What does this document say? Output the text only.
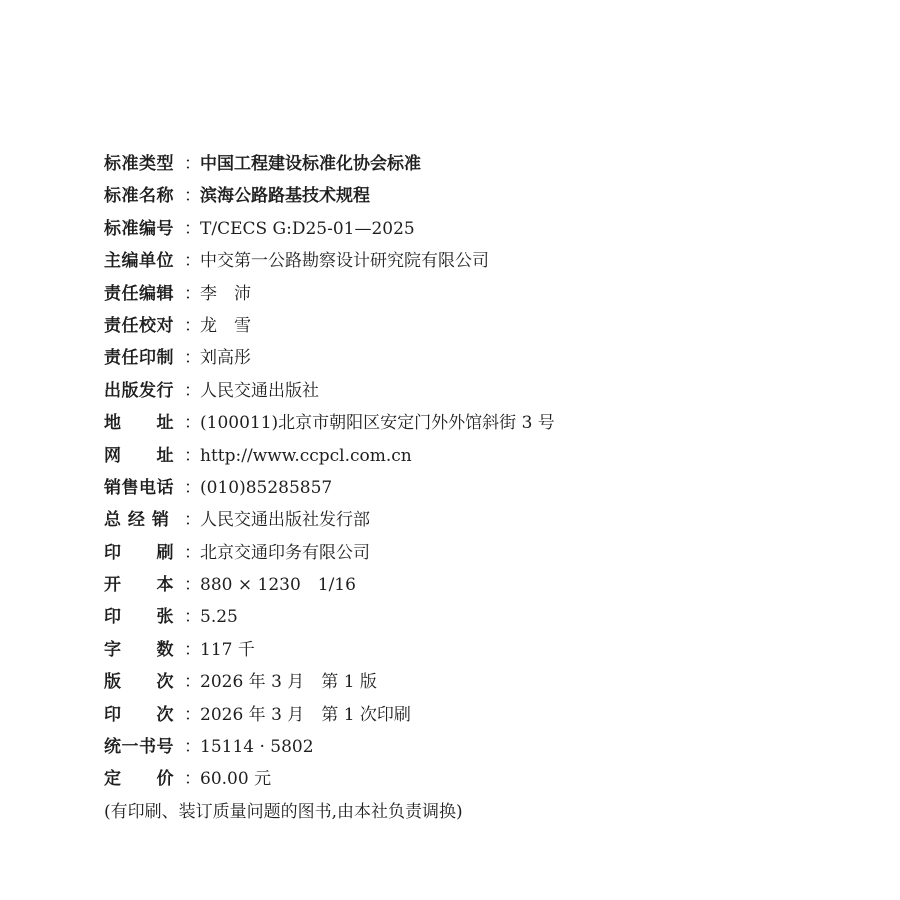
标准类型 ： 中国工程建设标准化协会标准
标准名称 ： 滨海公路路基技术规程
标准编号 ： T/CECS G:D25-01—2025
主编单位 ： 中交第一公路勘察设计研究院有限公司
责任编辑 ： 李　沛
责任校对 ： 龙　雪
责任印制 ： 刘高彤
出版发行 ： 人民交通出版社
地　　址 ： (100011)北京市朝阳区安定门外外馆斜街 3 号
网　　址 ： http://www.ccpcl.com.cn
销售电话 ： (010)85285857
总 经 销 ： 人民交通出版社发行部
印　　刷 ： 北京交通印务有限公司
开　　本 ： 880 × 1230　1/16
印　　张 ： 5.25
字　　数 ： 117 千
版　　次 ： 2026 年 3 月　第 1 版
印　　次 ： 2026 年 3 月　第 1 次印刷
统一书号 ： 15114 · 5802
定　　价 ： 60.00 元
(有印刷、装订质量问题的图书,由本社负责调换)
